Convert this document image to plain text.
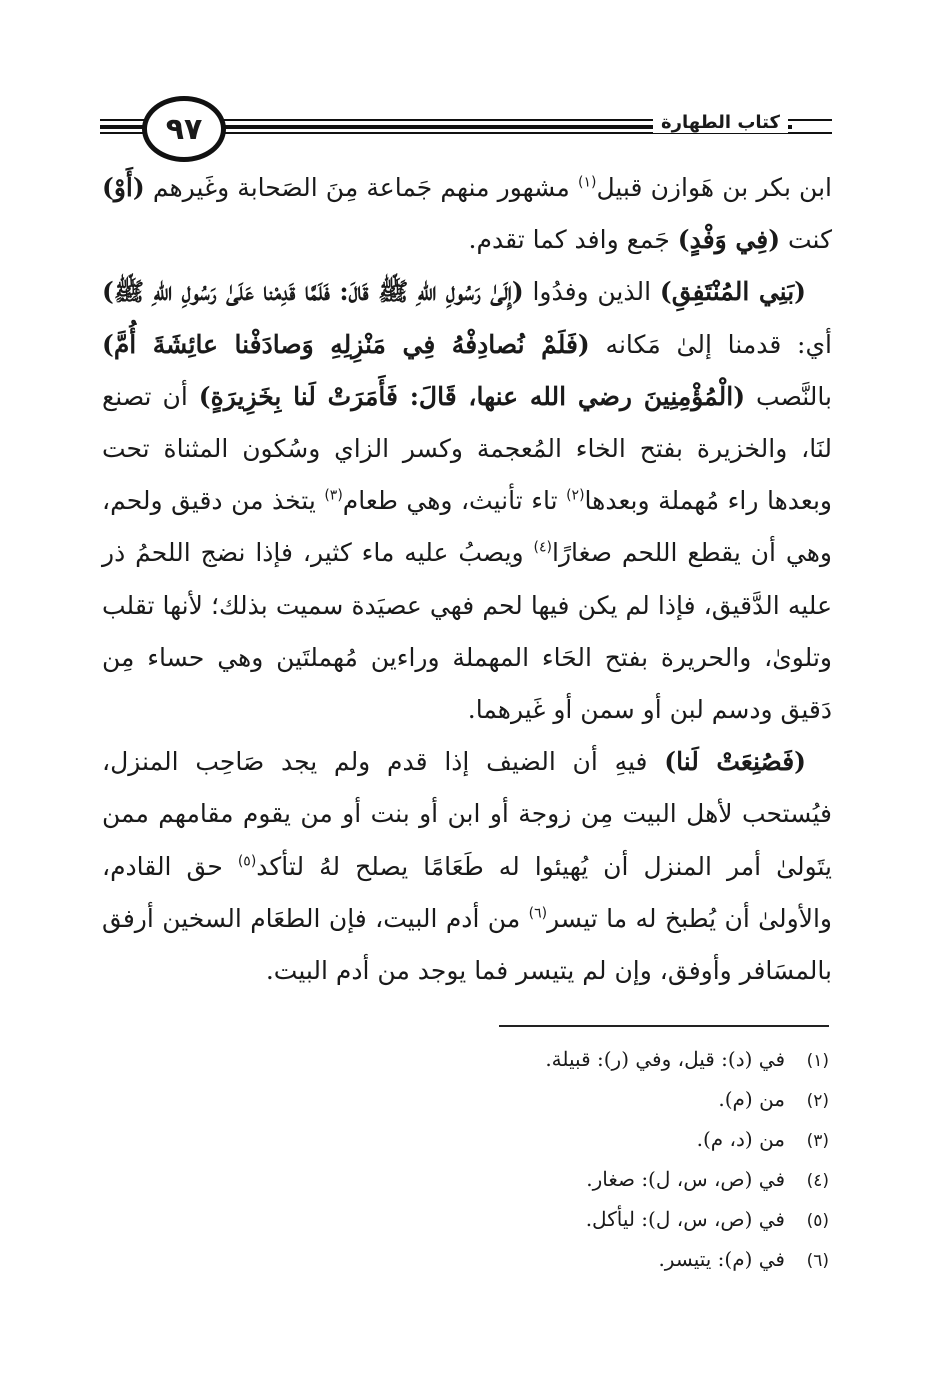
٩٧	كتاب الطهارة

ابن بكر بن هَوازن قبيل$^{(١)}$ مشهور منهم جَماعة مِنَ الصَحابة وغَيرهم (أَوْ) كنت (فِي وَفْدٍ) جَمع وافد كما تقدم.

(بَنِي المُنْتَفِقِ) الذين وفدُوا (إِلَىٰ رَسُولِ اللهِ ﷺ قَالَ: فَلَمَّا قَدِمْنا عَلَىٰ رَسُولِ اللهِ ﷺ) أي: قدمنا إلىٰ مَكانه (فَلَمْ نُصادِفْهُ فِي مَنْزِلِهِ وَصادَفْنا عائِشَةَ أُمَّ) بالنَّصب (الْمُؤْمِنِينَ رضي الله عنها، قَالَ: فَأَمَرَتْ لَنا بِخَزِيرَةٍ) أن تصنع لنَا، والخزيرة بفتح الخاء المُعجمة وكسر الزاي وسُكون المثناة تحت وبعدها راء مُهملة وبعدها$^{(٢)}$ تاء تأنيث، وهي طعام$^{(٣)}$ يتخذ من دقيق ولحم، وهي أن يقطع اللحم صغارًا$^{(٤)}$ ويصبُ عليه ماء كثير، فإذا نضج اللحمُ ذر عليه الدَّقيق، فإذا لم يكن فيها لحم فهي عصيَدة سميت بذلك؛ لأنها تقلب وتلوىٰ، والحريرة بفتح الحَاء المهملة وراءين مُهملتَين وهي حساء مِن دَقيق ودسم لبن أو سمن أو غَيرهما.

(فَصُنِعَتْ لَنا) فيهِ أن الضيف إذا قدم ولم يجد صَاحِب المنزل، فيُستحب لأهل البيت مِن زوجة أو ابن أو بنت أو من يقوم مقامهم ممن يتَولىٰ أمر المنزل أن يُهيئوا له طَعَامًا يصلح لهُ لتأكد$^{(٥)}$ حق القادم، والأولىٰ أن يُطبخ له ما تيسر$^{(٦)}$ من أدم البيت، فإن الطعَام السخين أرفق بالمسَافر وأوفق، وإن لم يتيسر فما يوجد من أدم البيت.

(١)في (د): قيل، وفي (ر): قبيلة.
(٢)من (م).
(٣)من (د، م).
(٤)في (ص، س، ل): صغار.
(٥)في (ص، س، ل): ليأكل.
(٦)في (م): يتيسر.
